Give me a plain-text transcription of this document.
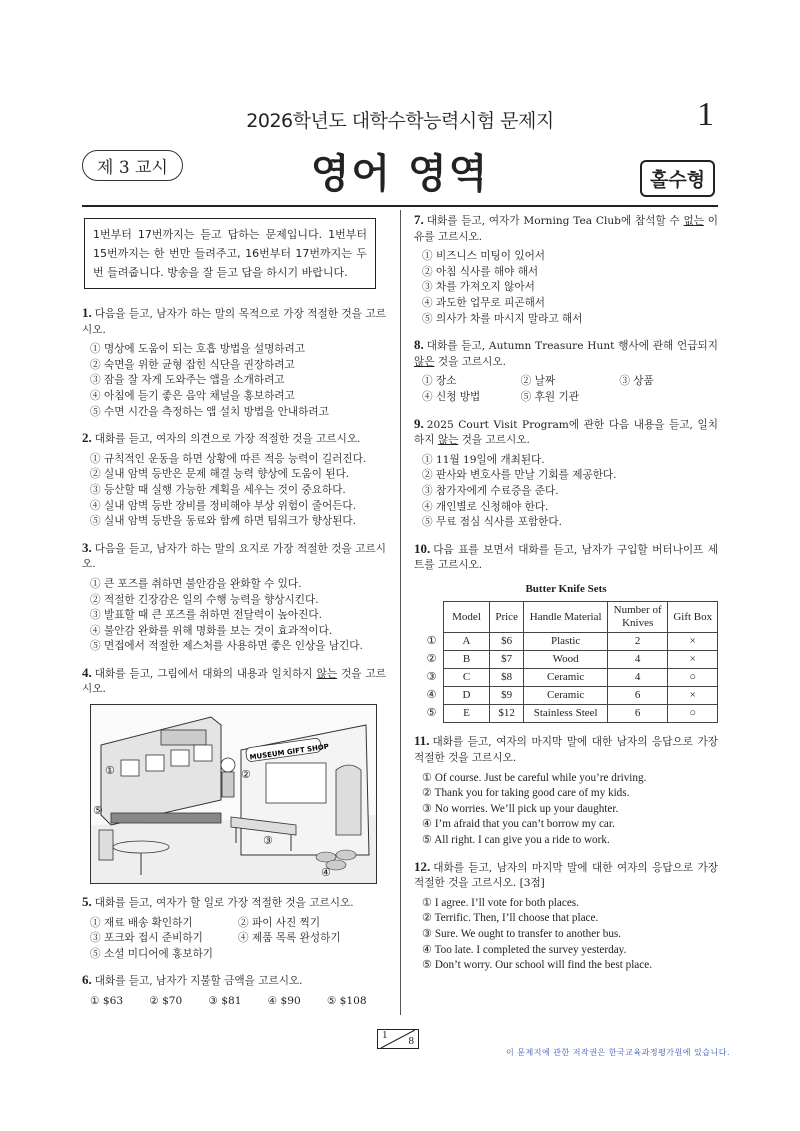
2026학년도 대학수학능력시험 문제지	1
제 3 교시	영어 영역	홀수형
1번부터 17번까지는 듣고 답하는 문제입니다. 1번부터 15번까지는 한 번만 들려주고, 16번부터 17번까지는 두 번 들려줍니다. 방송을 잘 듣고 답을 하시기 바랍니다.
1. 다음을 듣고, 남자가 하는 말의 목적으로 가장 적절한 것을 고르시오.
① 명상에 도움이 되는 호흡 방법을 설명하려고
② 숙면을 위한 균형 잡힌 식단을 권장하려고
③ 잠을 잘 자게 도와주는 앱을 소개하려고
④ 아침에 듣기 좋은 음악 채널을 홍보하려고
⑤ 수면 시간을 측정하는 앱 설치 방법을 안내하려고
2. 대화를 듣고, 여자의 의견으로 가장 적절한 것을 고르시오.
① 규칙적인 운동을 하면 상황에 따른 적응 능력이 길러진다.
② 실내 암벽 등반은 문제 해결 능력 향상에 도움이 된다.
③ 등산할 때 실행 가능한 계획을 세우는 것이 중요하다.
④ 실내 암벽 등반 장비를 정비해야 부상 위험이 줄어든다.
⑤ 실내 암벽 등반을 동료와 함께 하면 팀워크가 향상된다.
3. 다음을 듣고, 남자가 하는 말의 요지로 가장 적절한 것을 고르시오.
① 큰 포즈를 취하면 불안감을 완화할 수 있다.
② 적절한 긴장감은 일의 수행 능력을 향상시킨다.
③ 발표할 때 큰 포즈를 취하면 전달력이 높아진다.
④ 불안감 완화를 위해 명화를 보는 것이 효과적이다.
⑤ 면접에서 적절한 제스처를 사용하면 좋은 인상을 남긴다.
4. 대화를 듣고, 그림에서 대화의 내용과 일치하지 않는 것을 고르시오.
MUSEUM GIFT SHOP
①	②
③
④
⑤
5. 대화를 듣고, 여자가 할 일로 가장 적절한 것을 고르시오.
① 재료 배송 확인하기	② 파이 사진 찍기
③ 포크와 접시 준비하기	④ 제품 목록 완성하기
⑤ 소셜 미디어에 홍보하기
6. 대화를 듣고, 남자가 지불할 금액을 고르시오.
① $63	② $70	③ $81	④ $90	⑤ $108
7. 대화를 듣고, 여자가 Morning Tea Club에 참석할 수 없는 이유를 고르시오.
① 비즈니스 미팅이 있어서
② 아침 식사를 해야 해서
③ 차를 가져오지 않아서
④ 과도한 업무로 피곤해서
⑤ 의사가 차를 마시지 말라고 해서
8. 대화를 듣고, Autumn Treasure Hunt 행사에 관해 언급되지 않은 것을 고르시오.
① 장소	② 날짜	③ 상품
④ 신청 방법	⑤ 후원 기관
9. 2025 Court Visit Program에 관한 다음 내용을 듣고, 일치하지 않는 것을 고르시오.
① 11월 19일에 개최된다.
② 판사와 변호사를 만날 기회를 제공한다.
③ 참가자에게 수료증을 준다.
④ 개인별로 신청해야 한다.
⑤ 무료 점심 식사를 포함한다.
10. 다음 표를 보면서 대화를 듣고, 남자가 구입할 버터나이프 세트를 고르시오.
Butter Knife Sets
	Model	Price	Handle Material	Number of Knives	Gift Box
①	A	$6	Plastic	2	×
②	B	$7	Wood	4	×
③	C	$8	Ceramic	4	○
④	D	$9	Ceramic	6	×
⑤	E	$12	Stainless Steel	6	○
11. 대화를 듣고, 여자의 마지막 말에 대한 남자의 응답으로 가장 적절한 것을 고르시오.
① Of course. Just be careful while you’re driving.
② Thank you for taking good care of my kids.
③ No worries. We’ll pick up your daughter.
④ I’m afraid that you can’t borrow my car.
⑤ All right. I can give you a ride to work.
12. 대화를 듣고, 남자의 마지막 말에 대한 여자의 응답으로 가장 적절한 것을 고르시오. [3점]
① I agree. I’ll vote for both places.
② Terrific. Then, I’ll choose that place.
③ Sure. We ought to transfer to another bus.
④ Too late. I completed the survey yesterday.
⑤ Don’t worry. Our school will find the best place.
1 8
이 문제지에 관한 저작권은 한국교육과정평가원에 있습니다.
